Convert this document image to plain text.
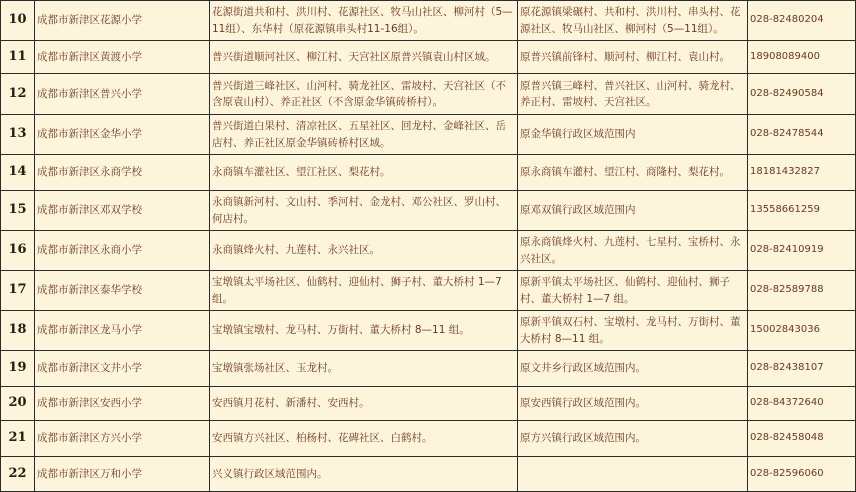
10	成都市新津区花源小学	花源街道共和村、洪川村、花源社区、牧马山社区、柳河村（5—11组）、东华村（原花源镇串头村11-16组）。	原花源镇梁碾村、共和村、洪川村、串头村、花源社区、牧马山社区、柳河村（5—11组）。	028-82480204
11	成都市新津区黄渡小学	普兴街道顺河社区、柳江村、天宫社区原普兴镇袁山村区域。	原普兴镇前锋村、顺河村、柳江村、袁山村。	18908089400
12	成都市新津区普兴小学	普兴街道三峰社区、山河村、骑龙社区、雷坡村、天宫社区（不含原袁山村）、养正社区（不含原金华镇砖桥村）。	原普兴镇三峰村、普兴社区、山河村、骑龙村、养正村、雷坡村、天宫社区。	028-82490584
13	成都市新津区金华小学	普兴街道白果村、清凉社区、五星社区、回龙村、金峰社区、岳店村、养正社区原金华镇砖桥村区域。	原金华镇行政区域范围内	028-82478544
14	成都市新津区永商学校	永商镇车灌社区、望江社区、梨花村。	原永商镇车灌村、望江村、商隆村、梨花村。	18181432827
15	成都市新津区邓双学校	永商镇新河村、文山村、季河村、金龙村、邓公社区、罗山村、何店村。	原邓双镇行政区域范围内	13558661259
16	成都市新津区永商小学	永商镇烽火村、九莲村、永兴社区。	原永商镇烽火村、九莲村、七星村、宝桥村、永兴社区。	028-82410919
17	成都市新津区泰华学校	宝墩镇太平场社区、仙鹤村、迎仙村、狮子村、董大桥村 1—7 组。	原新平镇太平场社区、仙鹤村、迎仙村、狮子村、董大桥村 1—7 组。	028-82589788
18	成都市新津区龙马小学	宝墩镇宝墩村、龙马村、万街村、董大桥村 8—11 组。	原新平镇双石村、宝墩村、龙马村、万街村、董大桥村 8—11 组。	15002843036
19	成都市新津区文井小学	宝墩镇张场社区、玉龙村。	原文井乡行政区域范围内。	028-82438107
20	成都市新津区安西小学	安西镇月花村、新潘村、安西村。	原安西镇行政区域范围内。	028-84372640
21	成都市新津区方兴小学	安西镇方兴社区、柏杨村、花碑社区、白鹤村。	原方兴镇行政区域范围内。	028-82458048
22	成都市新津区万和小学	兴义镇行政区域范围内。		028-82596060
